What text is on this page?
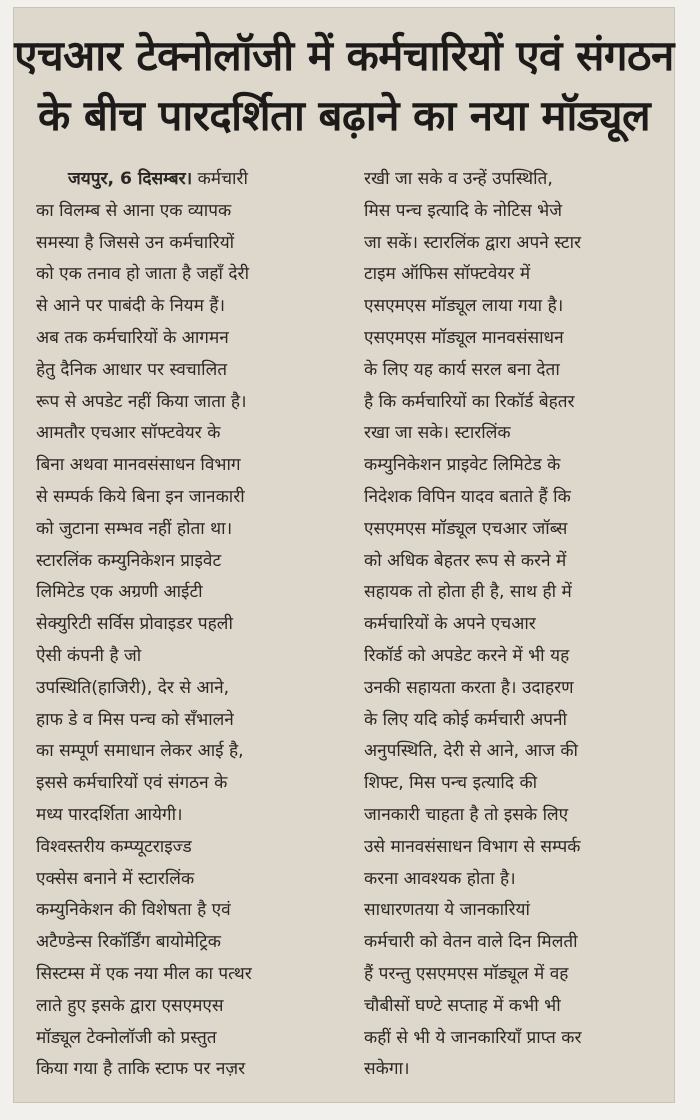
एचआर टेक्नोलॉजी में कर्मचारियों एवं संगठन
के बीच पारदर्शिता बढ़ाने का नया मॉड्यूल
जयपुर, 6 दिसम्बर। कर्मचारी
का विलम्ब से आना एक व्यापक
समस्या है जिससे उन कर्मचारियों
को एक तनाव हो जाता है जहाँ देरी
से आने पर पाबंदी के नियम हैं।
अब तक कर्मचारियों के आगमन
हेतु दैनिक आधार पर स्वचालित
रूप से अपडेट नहीं किया जाता है।
आमतौर एचआर सॉफ्टवेयर के
बिना अथवा मानवसंसाधन विभाग
से सम्पर्क किये बिना इन जानकारी
को जुटाना सम्भव नहीं होता था।
स्टारलिंक कम्युनिकेशन प्राइवेट
लिमिटेड एक अग्रणी आईटी
सेक्युरिटी सर्विस प्रोवाइडर पहली
ऐसी कंपनी है जो
उपस्थिति(हाजिरी), देर से आने,
हाफ डे व मिस पन्च को सँभालने
का सम्पूर्ण समाधान लेकर आई है,
इससे कर्मचारियों एवं संगठन के
मध्य पारदर्शिता आयेगी।
विश्वस्तरीय कम्प्यूटराइज्ड
एक्सेस बनाने में स्टारलिंक
कम्युनिकेशन की विशेषता है एवं
अटैण्डेन्स रिकॉर्डिंग बायोमेट्रिक
सिस्टम्स में एक नया मील का पत्थर
लाते हुए इसके द्वारा एसएमएस
मॉड्यूल टेक्नोलॉजी को प्रस्तुत
किया गया है ताकि स्टाफ पर नज़र
रखी जा सके व उन्हें उपस्थिति,
मिस पन्च इत्यादि के नोटिस भेजे
जा सकें। स्टारलिंक द्वारा अपने स्टार
टाइम ऑफिस सॉफ्टवेयर में
एसएमएस मॉड्यूल लाया गया है।
एसएमएस मॉड्यूल मानवसंसाधन
के लिए यह कार्य सरल बना देता
है कि कर्मचारियों का रिकॉर्ड बेहतर
रखा जा सके। स्टारलिंक
कम्युनिकेशन प्राइवेट लिमिटेड के
निदेशक विपिन यादव बताते हैं कि
एसएमएस मॉड्यूल एचआर जॉब्स
को अधिक बेहतर रूप से करने में
सहायक तो होता ही है, साथ ही में
कर्मचारियों के अपने एचआर
रिकॉर्ड को अपडेट करने में भी यह
उनकी सहायता करता है। उदाहरण
के लिए यदि कोई कर्मचारी अपनी
अनुपस्थिति, देरी से आने, आज की
शिफ्ट, मिस पन्च इत्यादि की
जानकारी चाहता है तो इसके लिए
उसे मानवसंसाधन विभाग से सम्पर्क
करना आवश्यक होता है।
साधारणतया ये जानकारियां
कर्मचारी को वेतन वाले दिन मिलती
हैं परन्तु एसएमएस मॉड्यूल में वह
चौबीसों घण्टे सप्ताह में कभी भी
कहीं से भी ये जानकारियाँ प्राप्त कर
सकेगा।
